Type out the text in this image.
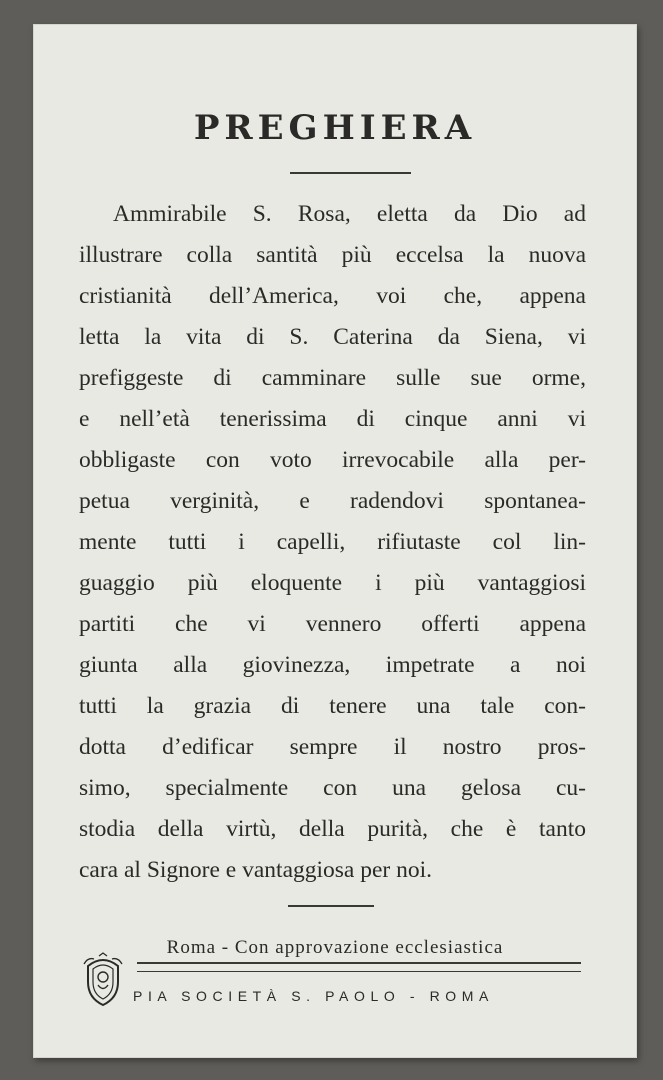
PREGHIERA
Ammirabile S. Rosa, eletta da Dio ad
illustrare colla santità più eccelsa la nuova
cristianità dell’America, voi che, appena
letta la vita di S. Caterina da Siena, vi
prefiggeste di camminare sulle sue orme,
e nell’età tenerissima di cinque anni vi
obbligaste con voto irrevocabile alla per-
petua verginità, e radendovi spontanea-
mente tutti i capelli, rifiutaste col lin-
guaggio più eloquente i più vantaggiosi
partiti che vi vennero offerti appena
giunta alla giovinezza, impetrate a noi
tutti la grazia di tenere una tale con-
dotta d’edificar sempre il nostro pros-
simo, specialmente con una gelosa cu-
stodia della virtù, della purità, che è tanto
cara al Signore e vantaggiosa per noi.
Roma - Con approvazione ecclesiastica
PIA SOCIETÀ S. PAOLO - ROMA
